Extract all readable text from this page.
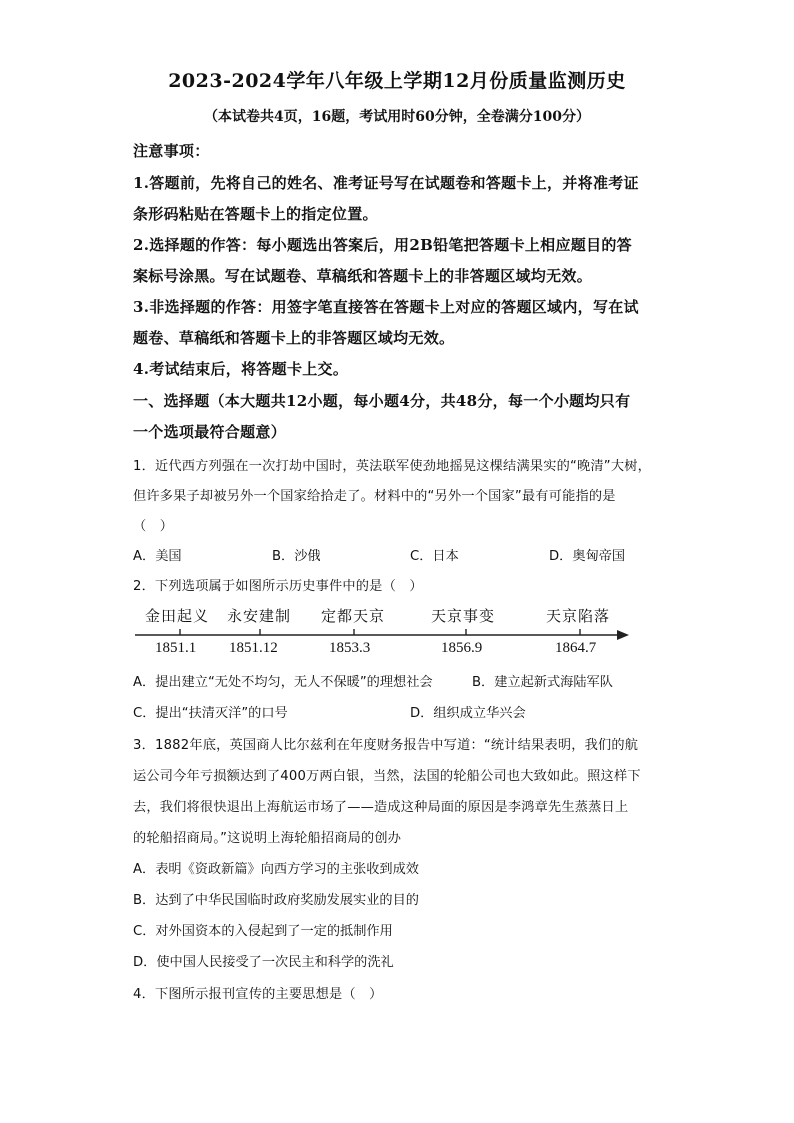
2023-2024学年八年级上学期12月份质量监测历史
（本试卷共4页，16题，考试用时60分钟，全卷满分100分）
注意事项：
1.答题前，先将自己的姓名、准考证号写在试题卷和答题卡上，并将准考证
条形码粘贴在答题卡上的指定位置。
2.选择题的作答：每小题选出答案后，用2B铅笔把答题卡上相应题目的答
案标号涂黑。写在试题卷、草稿纸和答题卡上的非答题区域均无效。
3.非选择题的作答：用签字笔直接答在答题卡上对应的答题区域内，写在试
题卷、草稿纸和答题卡上的非答题区域均无效。
4.考试结束后，将答题卡上交。
一、选择题（本大题共12小题，每小题4分，共48分，每一个小题均只有
一个选项最符合题意）
1．近代西方列强在一次打劫中国时，英法联军使劲地摇晃这棵结满果实的“晚清”大树，
但许多果子却被另外一个国家给拾走了。材料中的“另外一个国家”最有可能指的是
（　）
A．美国	B．沙俄	C．日本	D．奥匈帝国
2．下列选项属于如图所示历史事件中的是（　）
金田起义 永安建制 定都天京	天京事变	天京陷落
1851.1 1851.12	1853.3	1856.9	1864.7
A．提出建立“无处不均匀，无人不保暖”的理想社会	B．建立起新式海陆军队
C．提出“扶清灭洋”的口号	D．组织成立华兴会
3．1882年底，英国商人比尔兹利在年度财务报告中写道：“统计结果表明，我们的航
运公司今年亏损额达到了400万两白银，当然，法国的轮船公司也大致如此。照这样下
去，我们将很快退出上海航运市场了——造成这种局面的原因是李鸿章先生蒸蒸日上
的轮船招商局。”这说明上海轮船招商局的创办
A．表明《资政新篇》向西方学习的主张收到成效
B．达到了中华民国临时政府奖励发展实业的目的
C．对外国资本的入侵起到了一定的抵制作用
D．使中国人民接受了一次民主和科学的洗礼
4．下图所示报刊宣传的主要思想是（　）
